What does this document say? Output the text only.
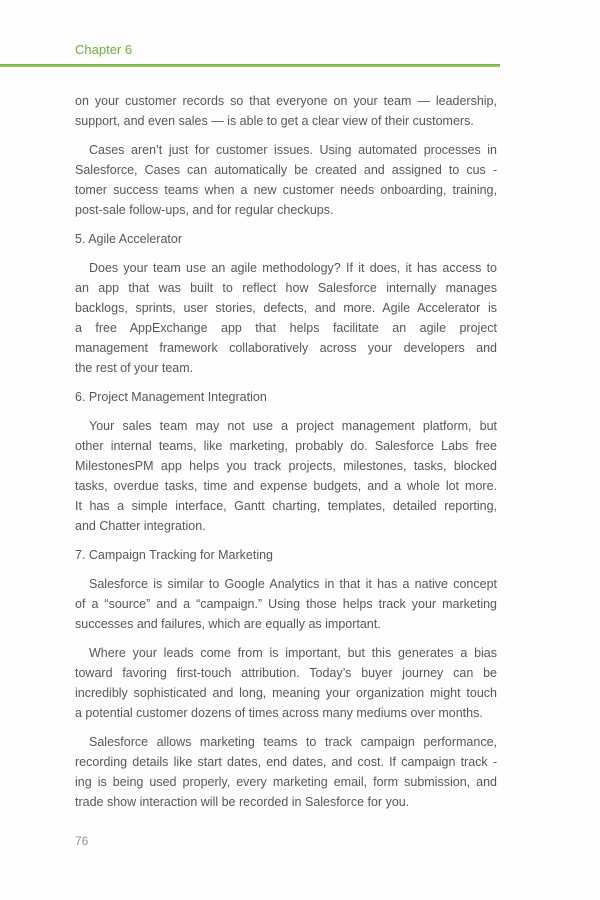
Chapter 6

on your customer records so that everyone on your team — leadership,
support, and even sales — is able to get a clear view of their customers.

Cases aren’t just for customer issues. Using automated processes in
Salesforce, Cases can automatically be created and assigned to cus -
tomer success teams when a new customer needs onboarding, training,
post-sale follow-ups, and for regular checkups.

5. Agile Accelerator

Does your team use an agile methodology? If it does, it has access to
an app that was built to reflect how Salesforce internally manages
backlogs, sprints, user stories, defects, and more. Agile Accelerator is
a free AppExchange app that helps facilitate an agile project
management framework collaboratively across your developers and
the rest of your team.

6. Project Management Integration

Your sales team may not use a project management platform, but
other internal teams, like marketing, probably do. Salesforce Labs free
MilestonesPM app helps you track projects, milestones, tasks, blocked
tasks, overdue tasks, time and expense budgets, and a whole lot more.
It has a simple interface, Gantt charting, templates, detailed reporting,
and Chatter integration.

7. Campaign Tracking for Marketing

Salesforce is similar to Google Analytics in that it has a native concept
of a “source” and a “campaign.” Using those helps track your marketing
successes and failures, which are equally as important.

Where your leads come from is important, but this generates a bias
toward favoring first-touch attribution. Today’s buyer journey can be
incredibly sophisticated and long, meaning your organization might touch
a potential customer dozens of times across many mediums over months.

Salesforce allows marketing teams to track campaign performance,
recording details like start dates, end dates, and cost. If campaign track -
ing is being used properly, every marketing email, form submission, and
trade show interaction will be recorded in Salesforce for you.

76
